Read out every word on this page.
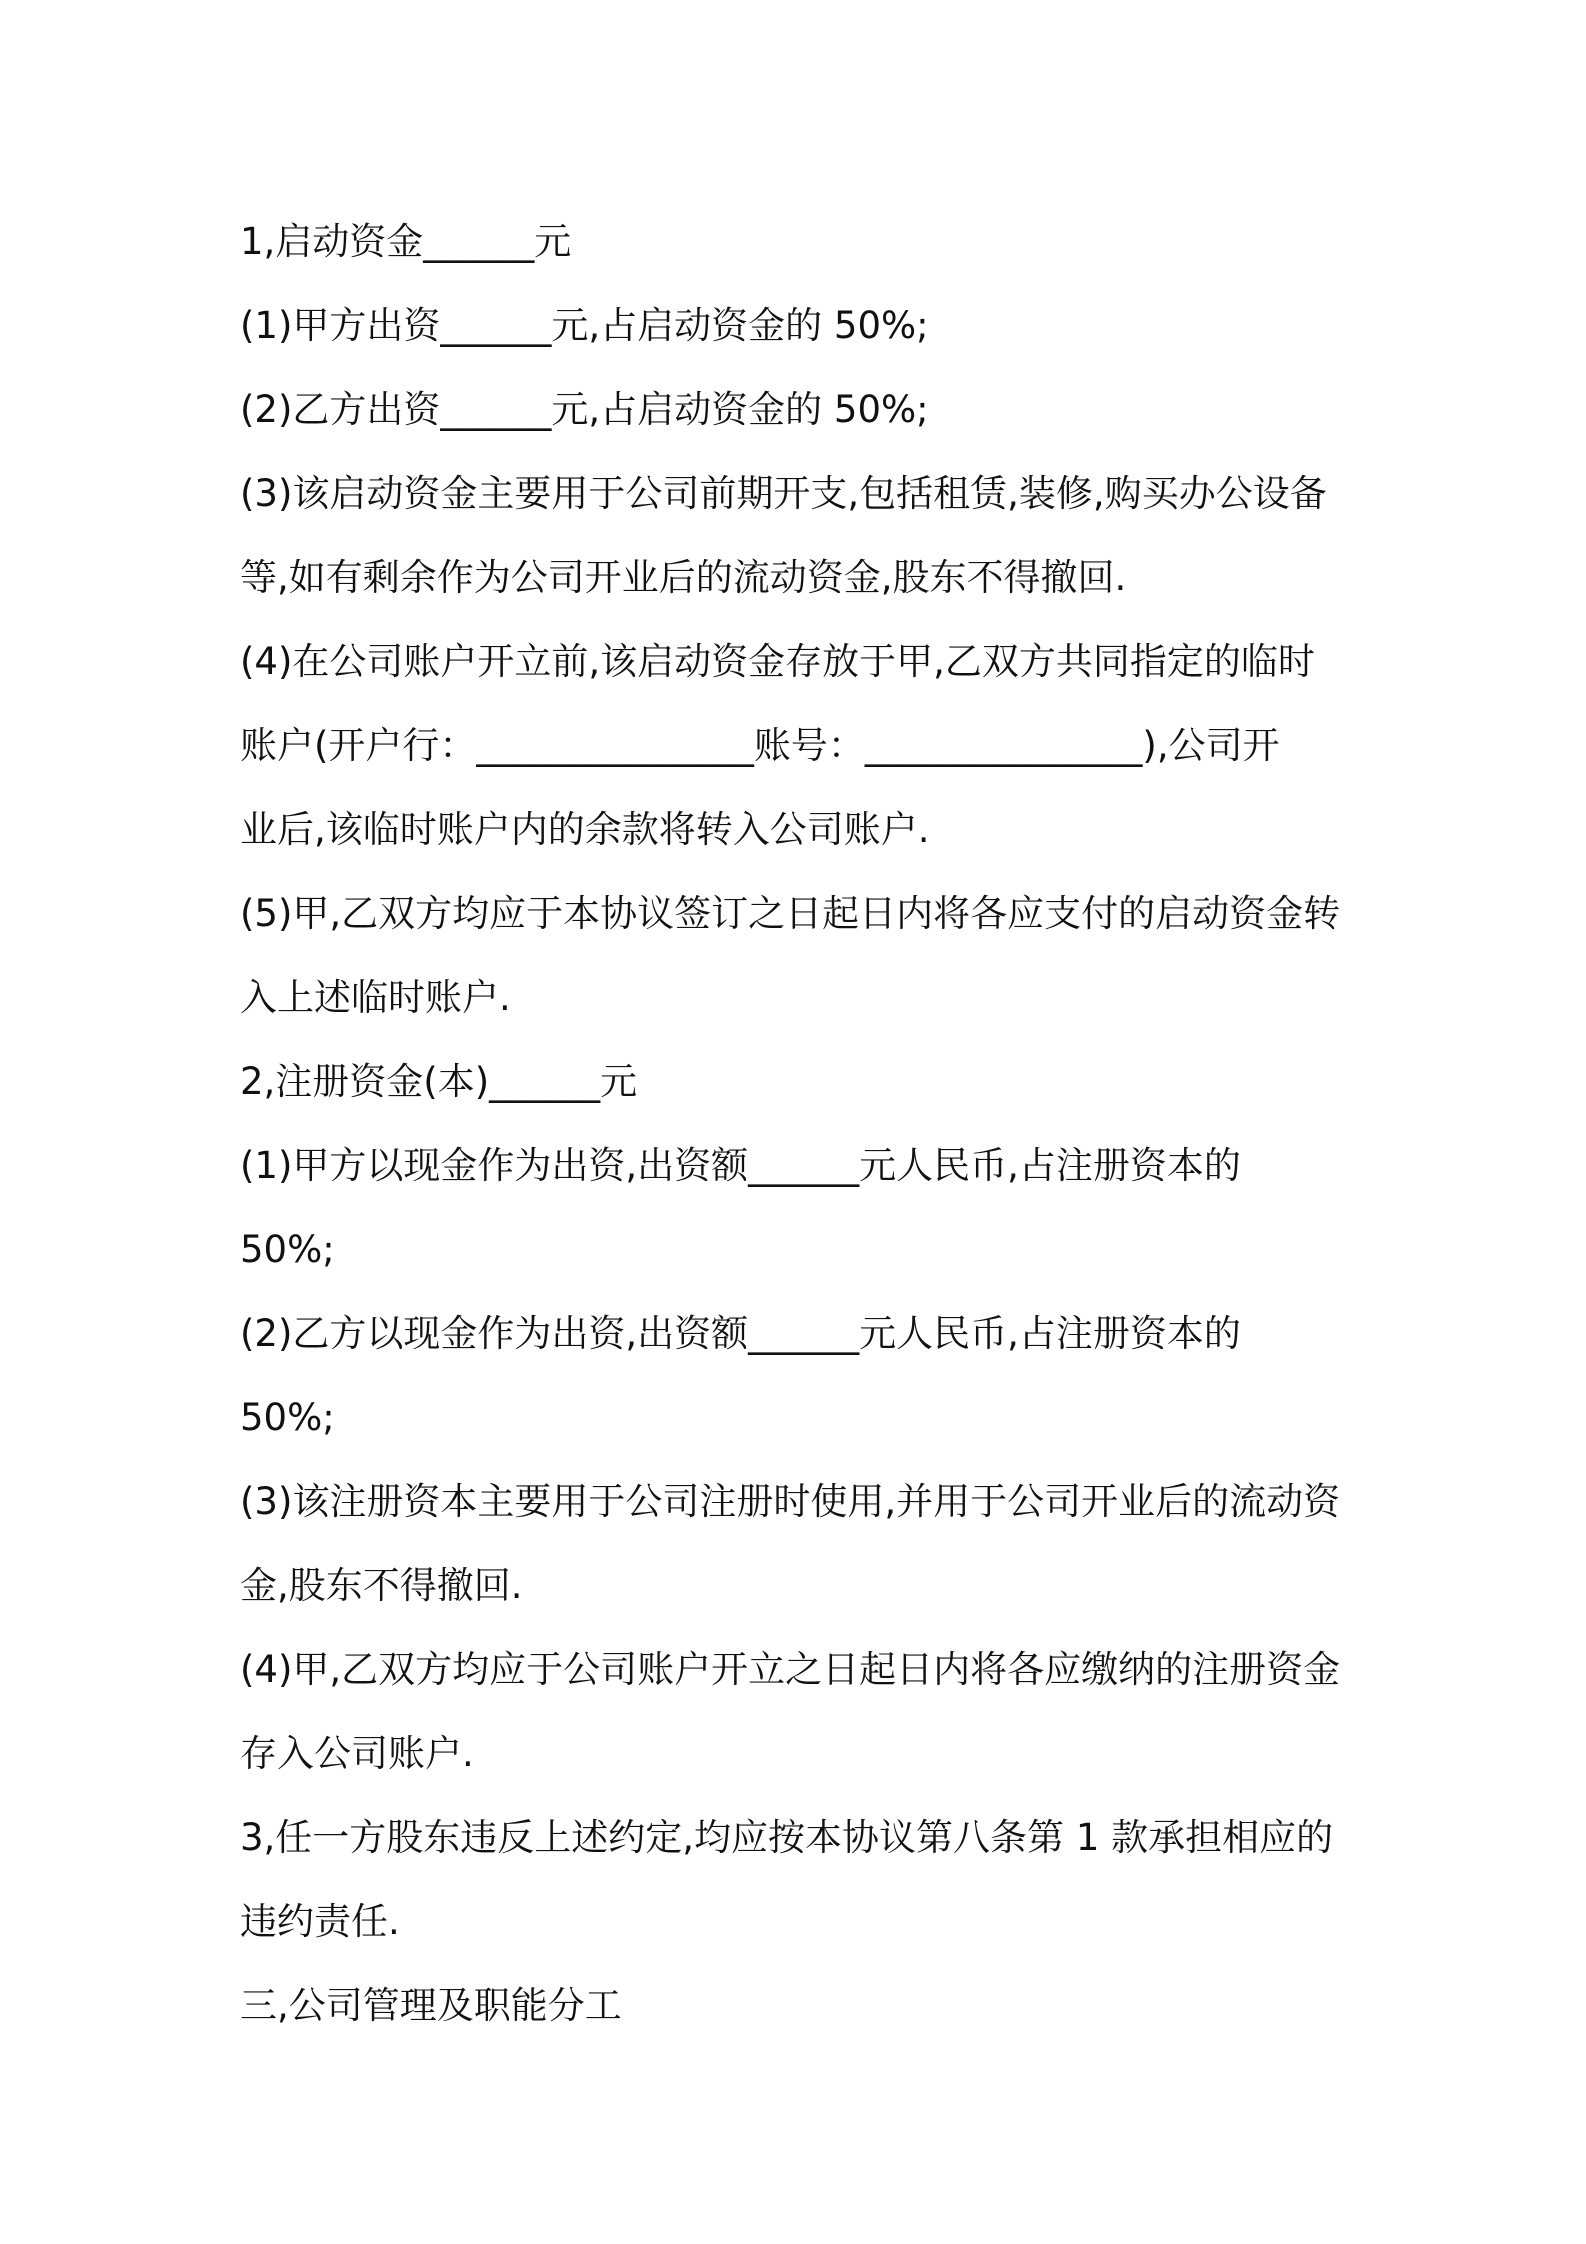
1,启动资金______元
(1)甲方出资______元,占启动资金的 50%;
(2)乙方出资______元,占启动资金的 50%;
(3)该启动资金主要用于公司前期开支,包括租赁,装修,购买办公设备
等,如有剩余作为公司开业后的流动资金,股东不得撤回.
(4)在公司账户开立前,该启动资金存放于甲,乙双方共同指定的临时
账户(开户行：_______________账号：_______________),公司开
业后,该临时账户内的余款将转入公司账户.
(5)甲,乙双方均应于本协议签订之日起日内将各应支付的启动资金转
入上述临时账户.
2,注册资金(本)______元
(1)甲方以现金作为出资,出资额______元人民币,占注册资本的
50%;
(2)乙方以现金作为出资,出资额______元人民币,占注册资本的
50%;
(3)该注册资本主要用于公司注册时使用,并用于公司开业后的流动资
金,股东不得撤回.
(4)甲,乙双方均应于公司账户开立之日起日内将各应缴纳的注册资金
存入公司账户.
3,任一方股东违反上述约定,均应按本协议第八条第 1 款承担相应的
违约责任.
三,公司管理及职能分工
